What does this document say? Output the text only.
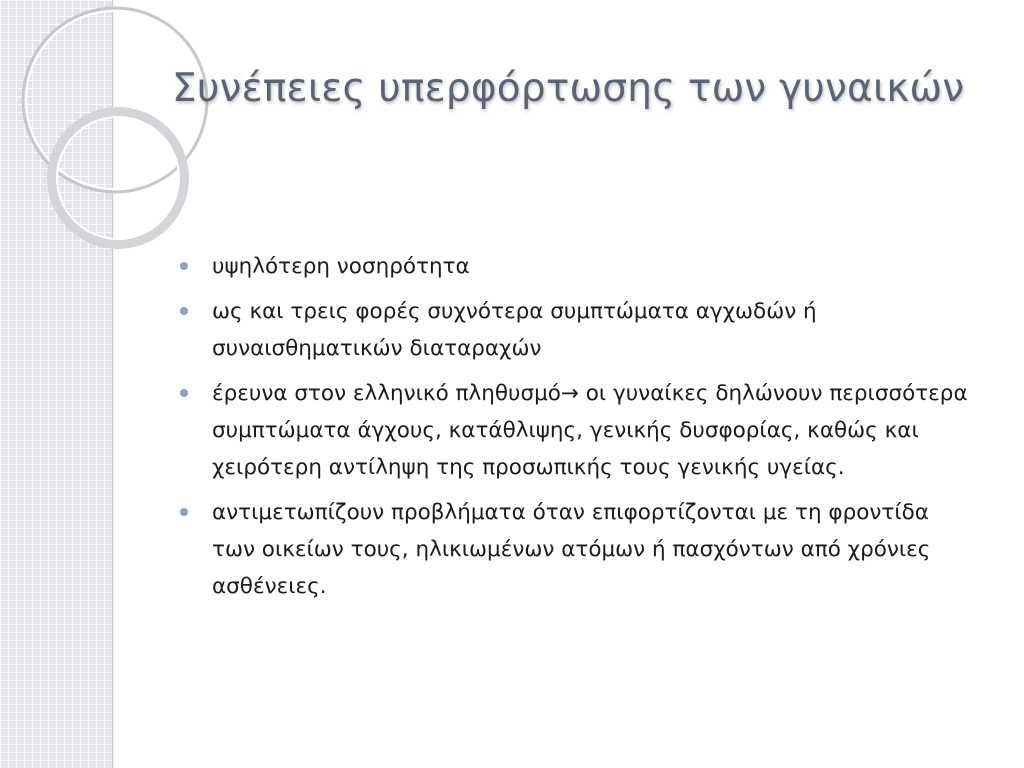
Συνέπειες υπερφόρτωσης των γυναικών
υψηλότερη νοσηρότητα
ως και τρεις φορές συχνότερα συμπτώματα αγχωδών ή συναισθηματικών διαταραχών
έρευνα στον ελληνικό πληθυσμό→ οι γυναίκες δηλώνουν περισσότερα συμπτώματα άγχους, κατάθλιψης, γενικής δυσφορίας, καθώς και χειρότερη αντίληψη της προσωπικής τους γενικής υγείας.
αντιμετωπίζουν προβλήματα όταν επιφορτίζονται με τη φροντίδα των οικείων τους, ηλικιωμένων ατόμων ή πασχόντων από χρόνιες ασθένειες.
